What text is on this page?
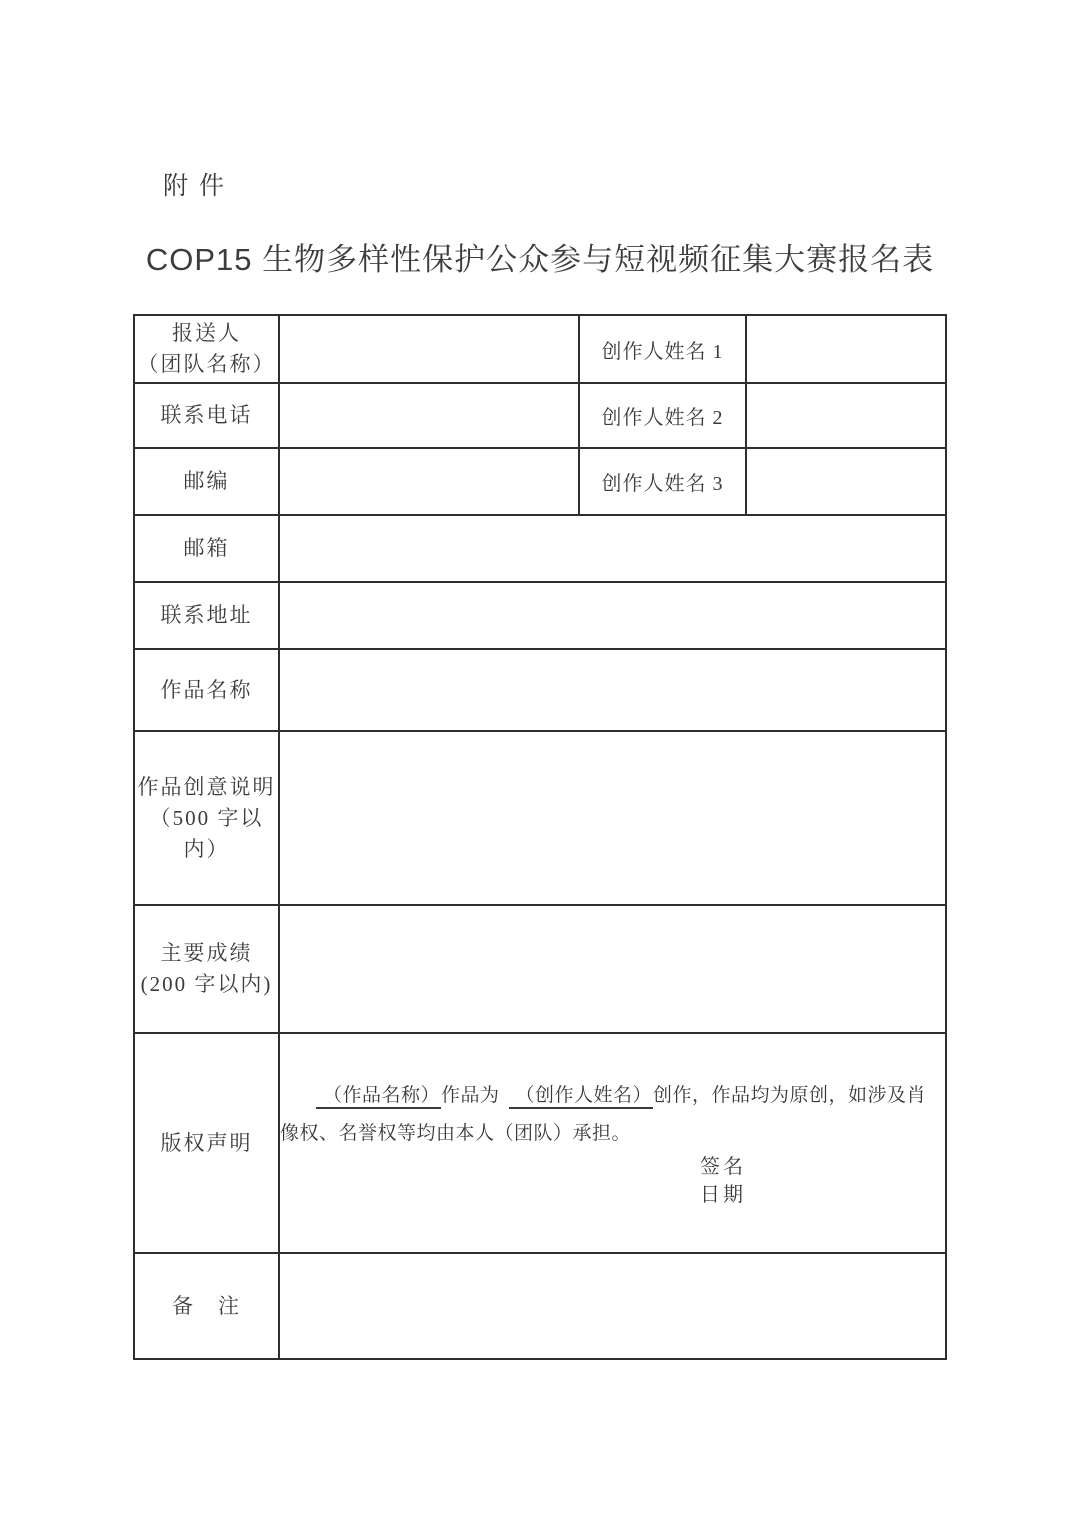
附 件
COP15 生物多样性保护公众参与短视频征集大赛报名表
报送人
（团队名称）		创作人姓名 1	
联系电话		创作人姓名 2	
邮编		创作人姓名 3	
邮箱			
联系地址			
作品名称			

作品创意说明
（500 字以内）			

主要成绩
(200 字以内)			

版权声明	（作品名称）作品为 （创作人姓名）创作，作品均为原创，如涉及肖像权、名誉权等均由本人（团队）承担。

签名
日期		

备　注			
